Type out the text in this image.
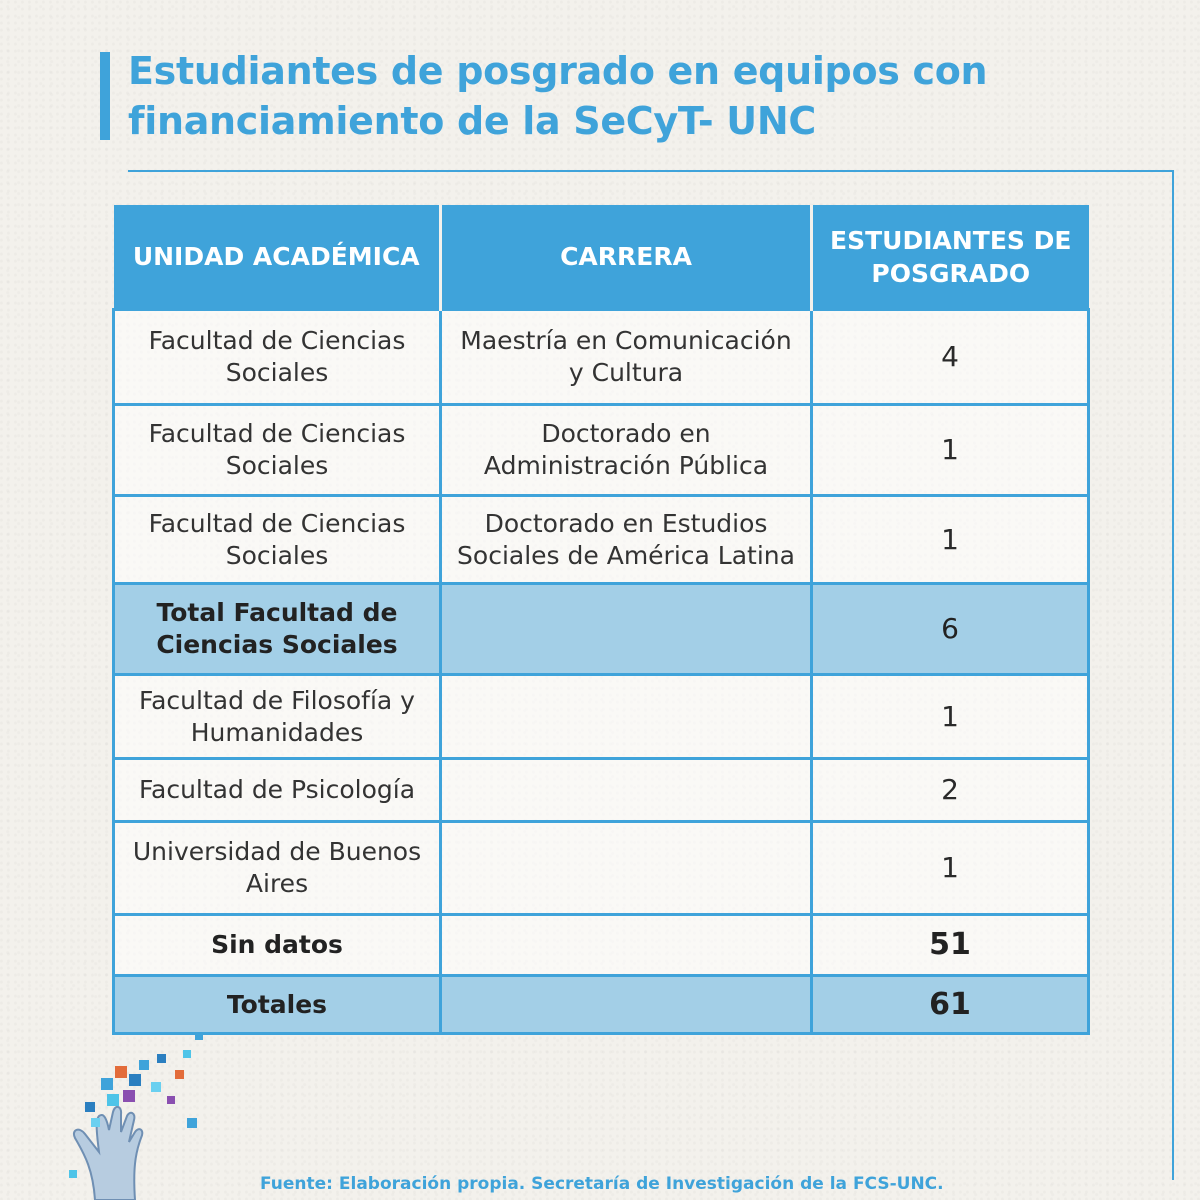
Estudiantes de posgrado en equipos con financiamiento de la SeCyT- UNC
UNIDAD ACADÉMICA	CARRERA	ESTUDIANTES DE POSGRADO
Facultad de Ciencias Sociales	Maestría en Comunicación y Cultura	4
Facultad de Ciencias Sociales	Doctorado en Administración Pública	1
Facultad de Ciencias Sociales	Doctorado en Estudios Sociales de América Latina	1
Total Facultad de Ciencias Sociales		6
Facultad de Filosofía y Humanidades		1
Facultad de Psicología		2
Universidad de Buenos Aires		1
Sin datos		51
Totales		61
Fuente: Elaboración propia. Secretaría de Investigación de la FCS-UNC.
